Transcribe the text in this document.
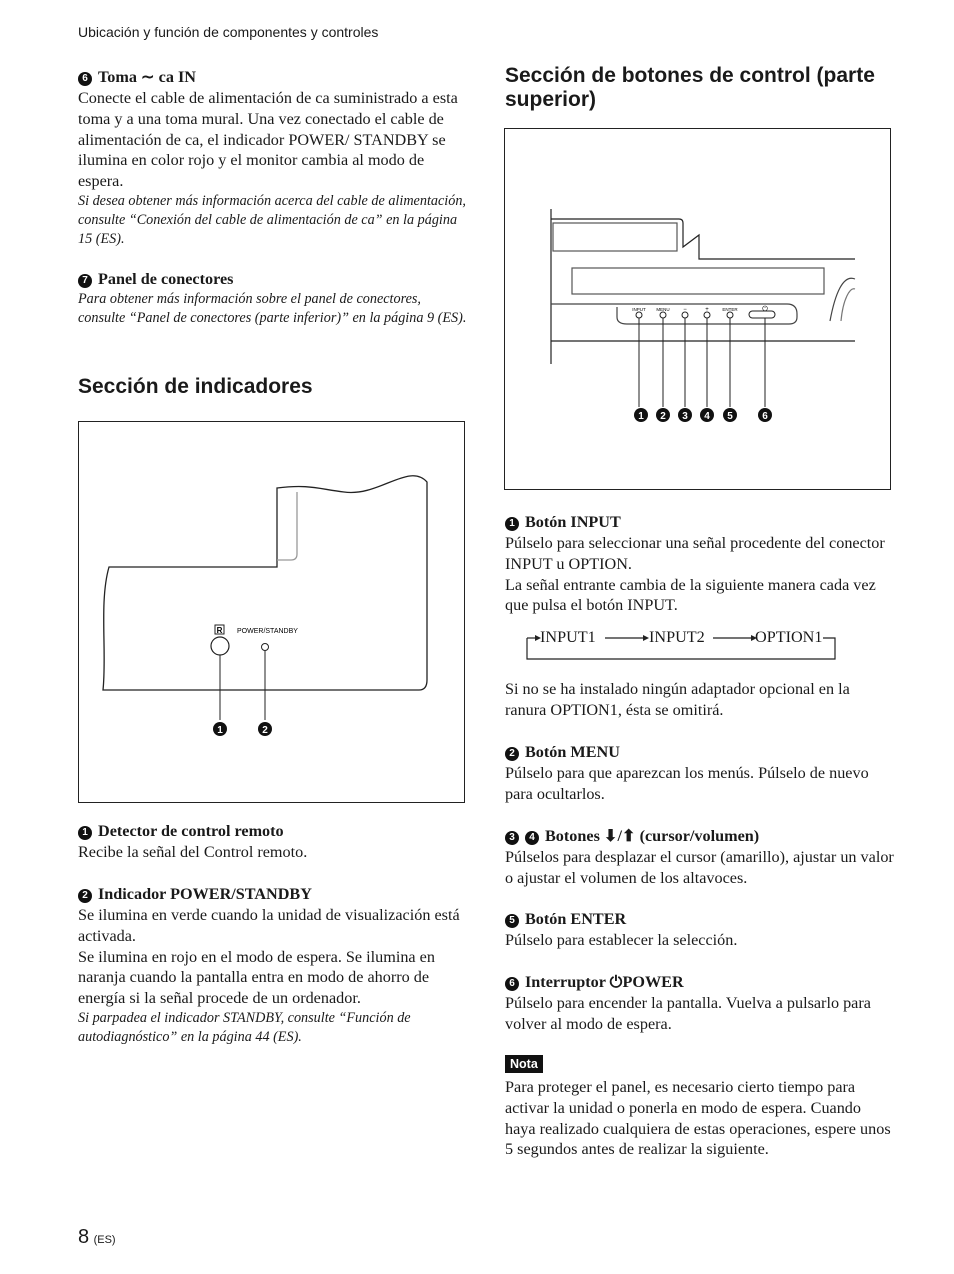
Ubicación y función de componentes y controles
6 Toma ∼ ca IN

Conecte el cable de alimentación de ca suministrado a esta toma y a una toma mural. Una vez conectado el cable de alimentación de ca, el indicador POWER/ STANDBY se ilumina en color rojo y el monitor cambia al modo de espera.

Si desea obtener más información acerca del cable de alimentación, consulte “Conexión del cable de alimentación de ca” en la página 15 (ES).

7 Panel de conectores

Para obtener más información sobre el panel de conectores, consulte “Panel de conectores (parte inferior)” en la página 9 (ES).

Sección de indicadores
R POWER/STANDBY
1	2
1 Detector de control remoto

Recibe la señal del Control remoto.

2 Indicador POWER/STANDBY

Se ilumina en verde cuando la unidad de visualización está activada.

Se ilumina en rojo en el modo de espera. Se ilumina en naranja cuando la pantalla entra en modo de ahorro de energía si la señal procede de un ordenador.

Si parpadea el indicador STANDBY, consulte “Función de autodiagnóstico” en la página 44 (ES).

Sección de botones de control (parte superior)
INPUT MENU −	+	ENTER	⏻
1 2 3 4 5	6
1 Botón INPUT

Púlselo para seleccionar una señal procedente del conector INPUT u OPTION.

La señal entrante cambia de la siguiente manera cada vez que pulsa el botón INPUT.

INPUT1	INPUT2	OPTION1

Si no se ha instalado ningún adaptador opcional en la ranura OPTION1, ésta se omitirá.

2 Botón MENU

Púlselo para que aparezcan los menús. Púlselo de nuevo para ocultarlos.

3 4 Botones ⬇/⬆ (cursor/volumen)

Púlselos para desplazar el cursor (amarillo), ajustar un valor o ajustar el volumen de los altavoces.

5 Botón ENTER

Púlselo para establecer la selección.

6 Interruptor ⏻POWER

Púlselo para encender la pantalla. Vuelva a pulsarlo para volver al modo de espera.

Nota

Para proteger el panel, es necesario cierto tiempo para activar la unidad o ponerla en modo de espera. Cuando haya realizado cualquiera de estas operaciones, espere unos 5 segundos antes de realizar la siguiente.

8 (ES)
